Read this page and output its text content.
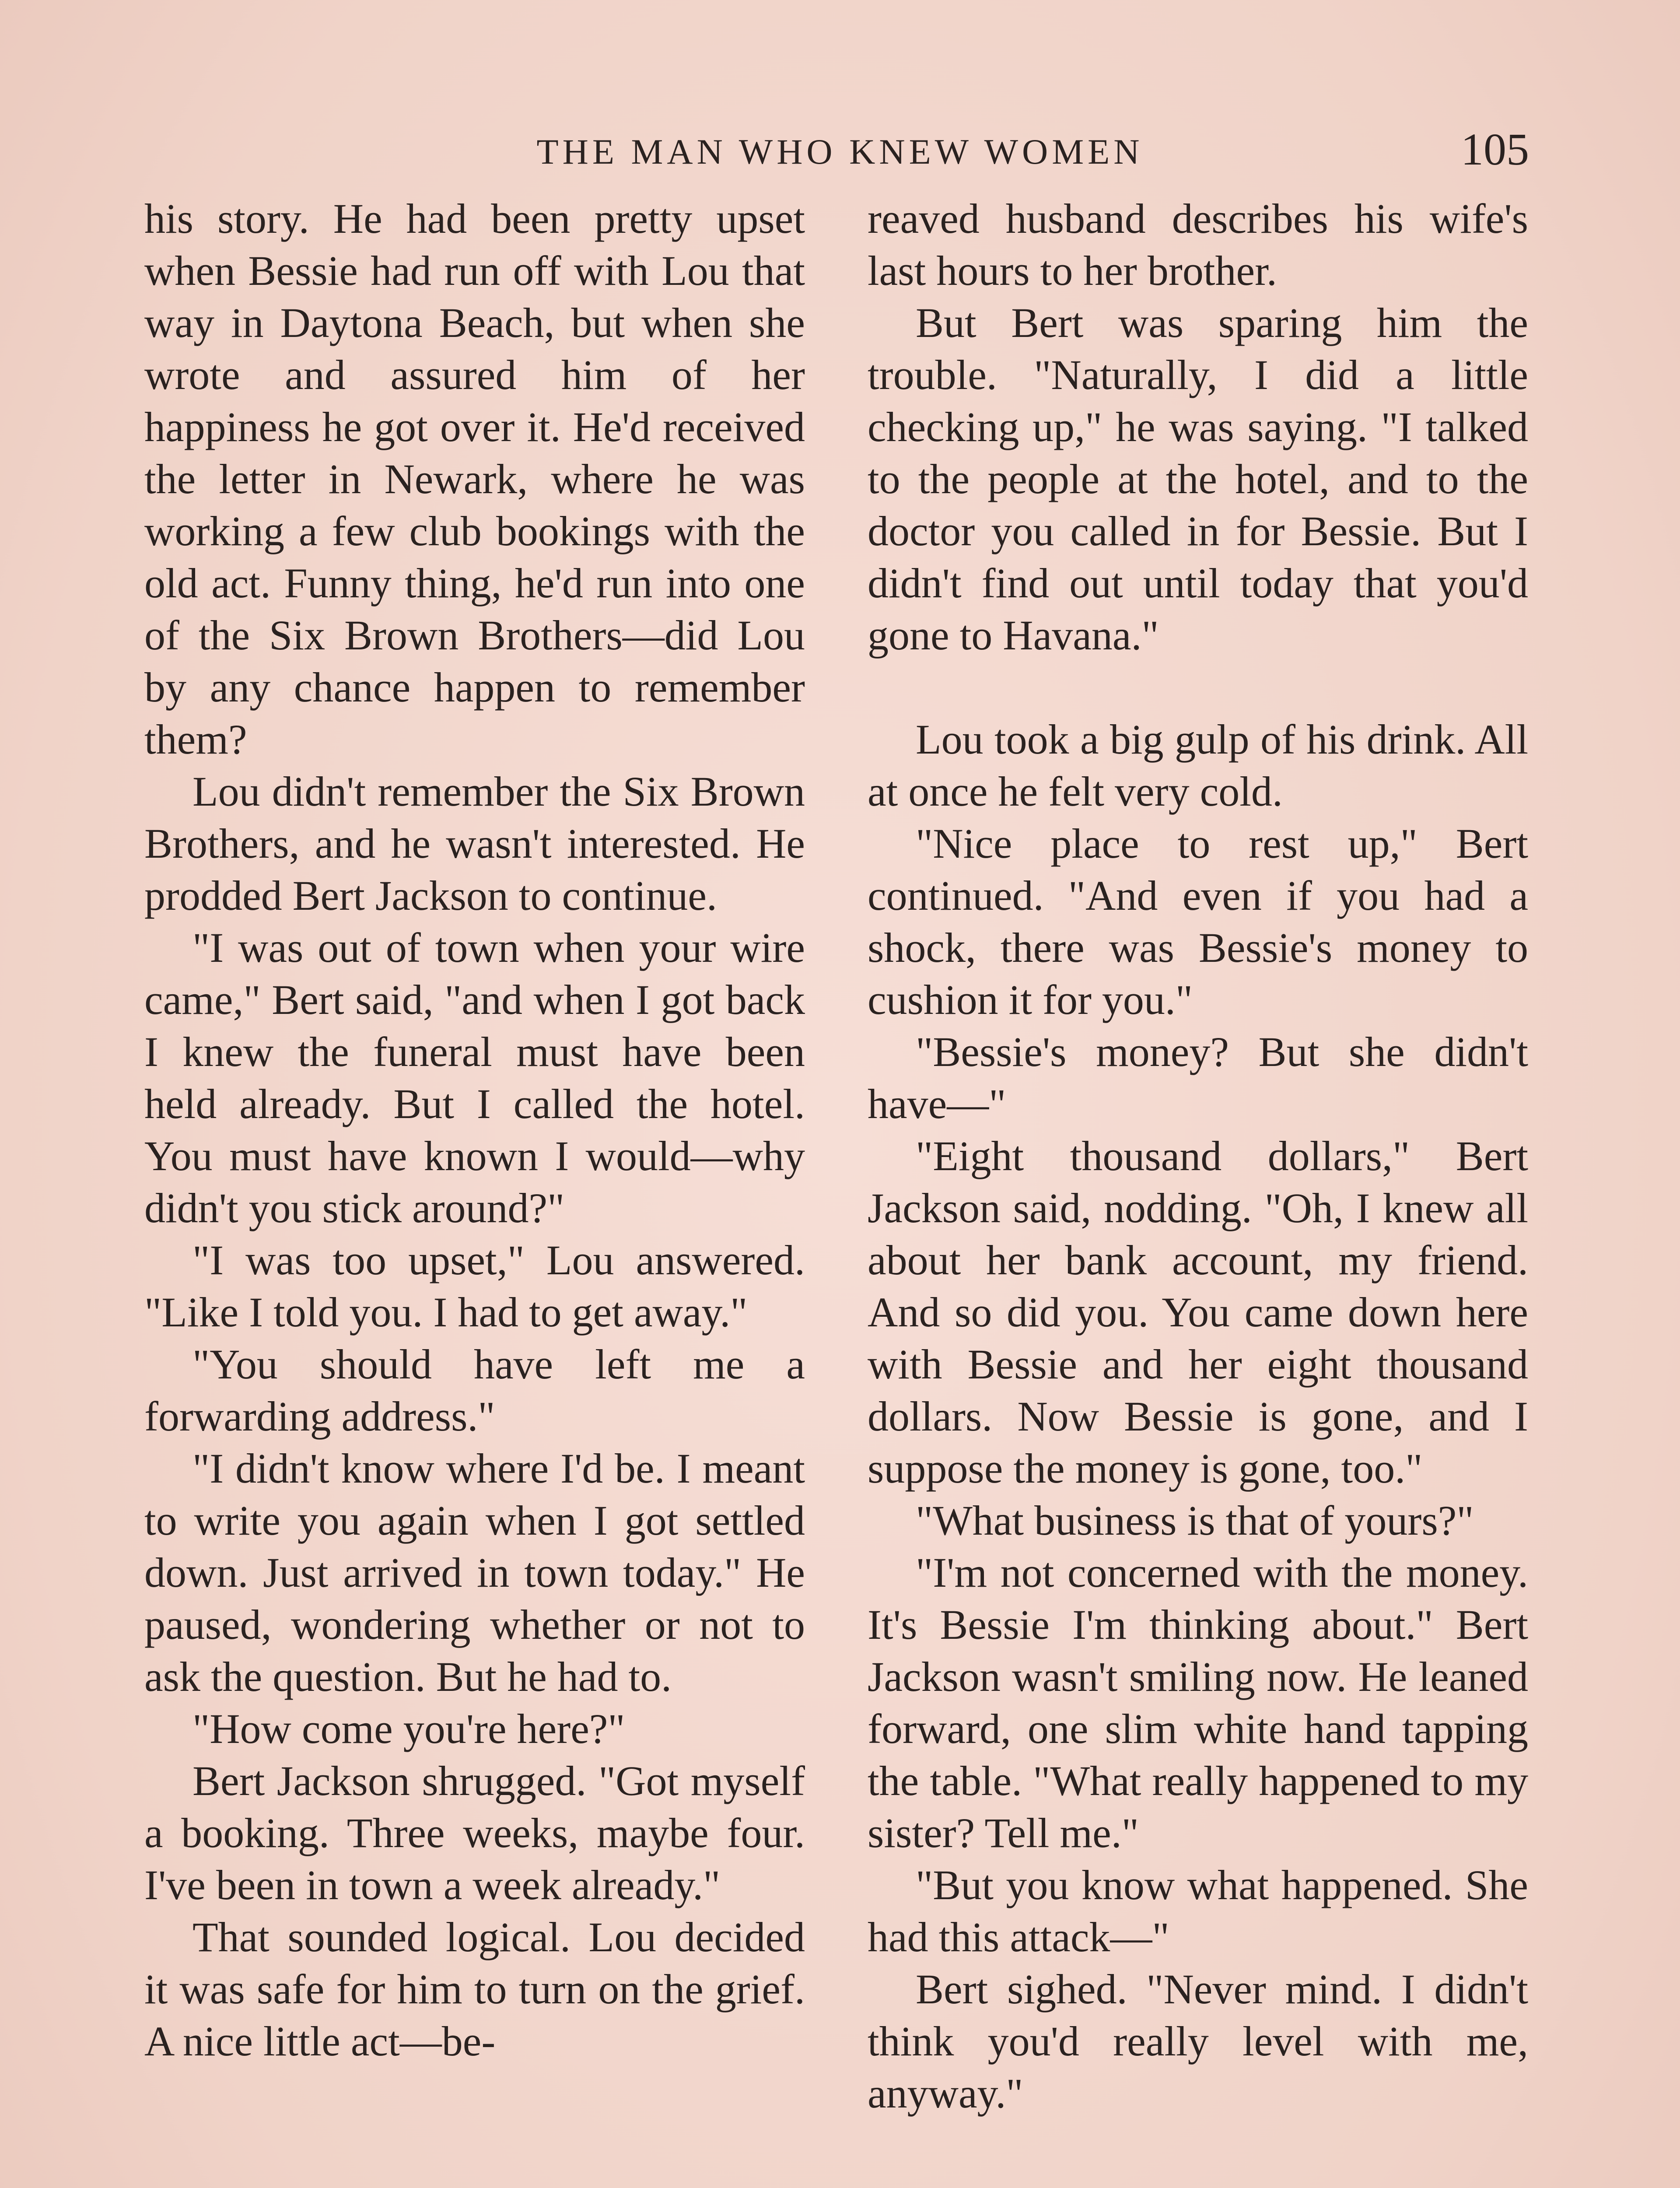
THE MAN WHO KNEW WOMEN	105

his story. He had been pretty upset when Bessie had run off with Lou that way in Daytona Beach, but when she wrote and assured him of her happiness he got over it. He'd received the letter in Newark, where he was working a few club bookings with the old act. Funny thing, he'd run into one of the Six Brown Brothers—did Lou by any chance happen to remember them?

Lou didn't remember the Six Brown Brothers, and he wasn't interested. He prodded Bert Jackson to continue.

"I was out of town when your wire came," Bert said, "and when I got back I knew the funeral must have been held already. But I called the hotel. You must have known I would—why didn't you stick around?"

"I was too upset," Lou answered. "Like I told you. I had to get away."

"You should have left me a forwarding address."

"I didn't know where I'd be. I meant to write you again when I got settled down. Just arrived in town today." He paused, wondering whether or not to ask the question. But he had to.

"How come you're here?"

Bert Jackson shrugged. "Got myself a booking. Three weeks, maybe four. I've been in town a week already."

That sounded logical. Lou decided it was safe for him to turn on the grief. A nice little act—be-

reaved husband describes his wife's last hours to her brother.

But Bert was sparing him the trouble. "Naturally, I did a little checking up," he was saying. "I talked to the people at the hotel, and to the doctor you called in for Bessie. But I didn't find out until today that you'd gone to Havana."

Lou took a big gulp of his drink. All at once he felt very cold.

"Nice place to rest up," Bert continued. "And even if you had a shock, there was Bessie's money to cushion it for you."

"Bessie's money? But she didn't have—"

"Eight thousand dollars," Bert Jackson said, nodding. "Oh, I knew all about her bank account, my friend. And so did you. You came down here with Bessie and her eight thousand dollars. Now Bessie is gone, and I suppose the money is gone, too."

"What business is that of yours?"

"I'm not concerned with the money. It's Bessie I'm thinking about." Bert Jackson wasn't smiling now. He leaned forward, one slim white hand tapping the table. "What really happened to my sister? Tell me."

"But you know what happened. She had this attack—"

Bert sighed. "Never mind. I didn't think you'd really level with me, anyway."
